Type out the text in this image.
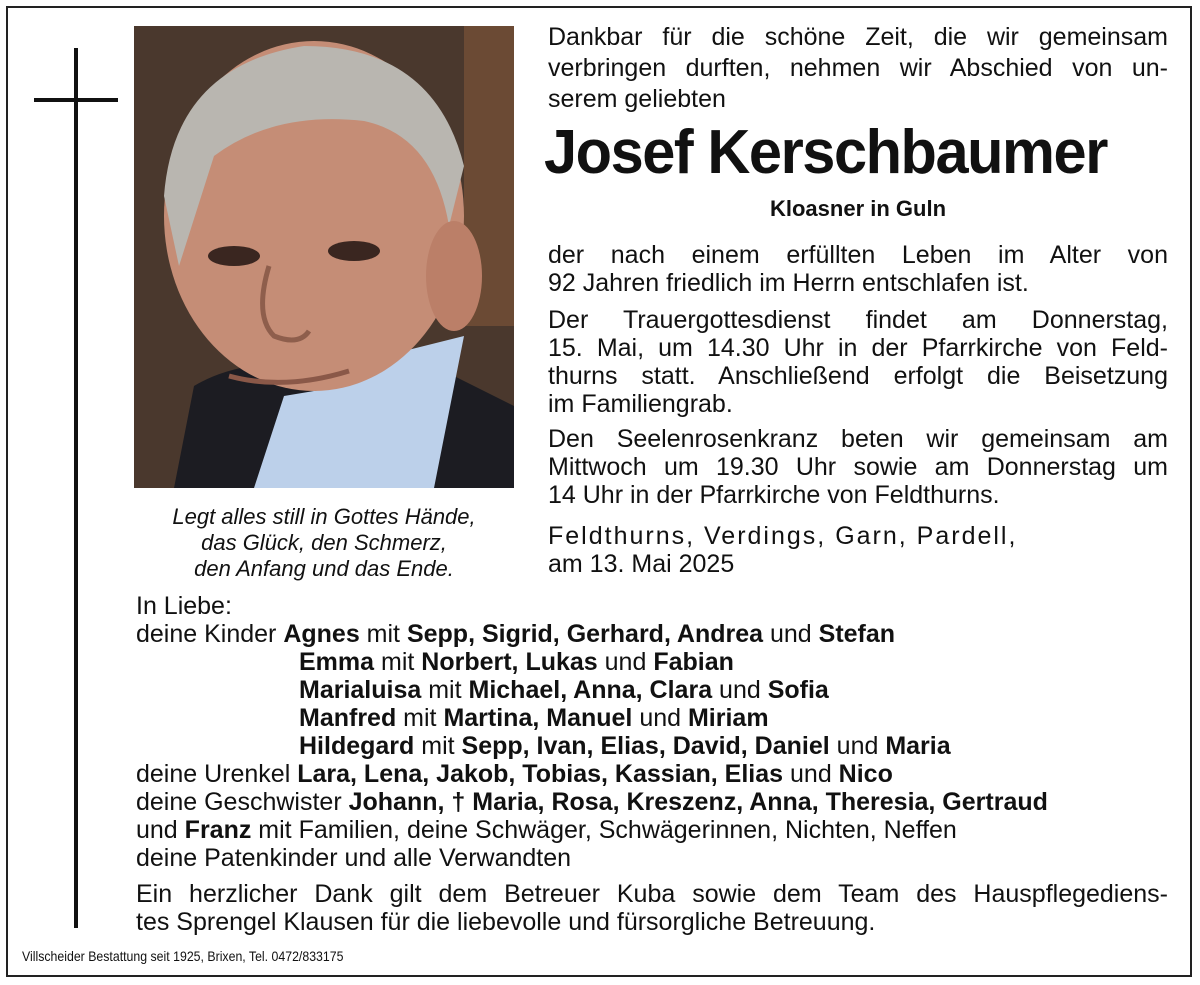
Legt alles still in Gottes Hände,
das Glück, den Schmerz,
den Anfang und das Ende.
Dankbar für die schöne Zeit, die wir gemeinsam
verbringen durften, nehmen wir Abschied von un-
serem geliebten
Josef Kerschbaumer
Kloasner in Guln
der nach einem erfüllten Leben im Alter von
92 Jahren friedlich im Herrn entschlafen ist.
Der Trauergottesdienst findet am Donnerstag,
15. Mai, um 14.30 Uhr in der Pfarrkirche von Feld-
thurns statt. Anschließend erfolgt die Beisetzung
im Familiengrab.
Den Seelenrosenkranz beten wir gemeinsam am
Mittwoch um 19.30 Uhr sowie am Donnerstag um
14 Uhr in der Pfarrkirche von Feldthurns.
Feldthurns, Verdings, Garn, Pardell,
am 13. Mai 2025
In Liebe:
deine Kinder Agnes mit Sepp, Sigrid, Gerhard, Andrea und Stefan
Emma mit Norbert, Lukas und Fabian
Marialuisa mit Michael, Anna, Clara und Sofia
Manfred mit Martina, Manuel und Miriam
Hildegard mit Sepp, Ivan, Elias, David, Daniel und Maria
deine Urenkel Lara, Lena, Jakob, Tobias, Kassian, Elias und Nico
deine Geschwister Johann, † Maria, Rosa, Kreszenz, Anna, Theresia, Gertraud
und Franz mit Familien, deine Schwäger, Schwägerinnen, Nichten, Neffen
deine Patenkinder und alle Verwandten
Ein herzlicher Dank gilt dem Betreuer Kuba sowie dem Team des Hauspflegediens-
tes Sprengel Klausen für die liebevolle und fürsorgliche Betreuung.
Villscheider Bestattung seit 1925, Brixen, Tel. 0472/833175
